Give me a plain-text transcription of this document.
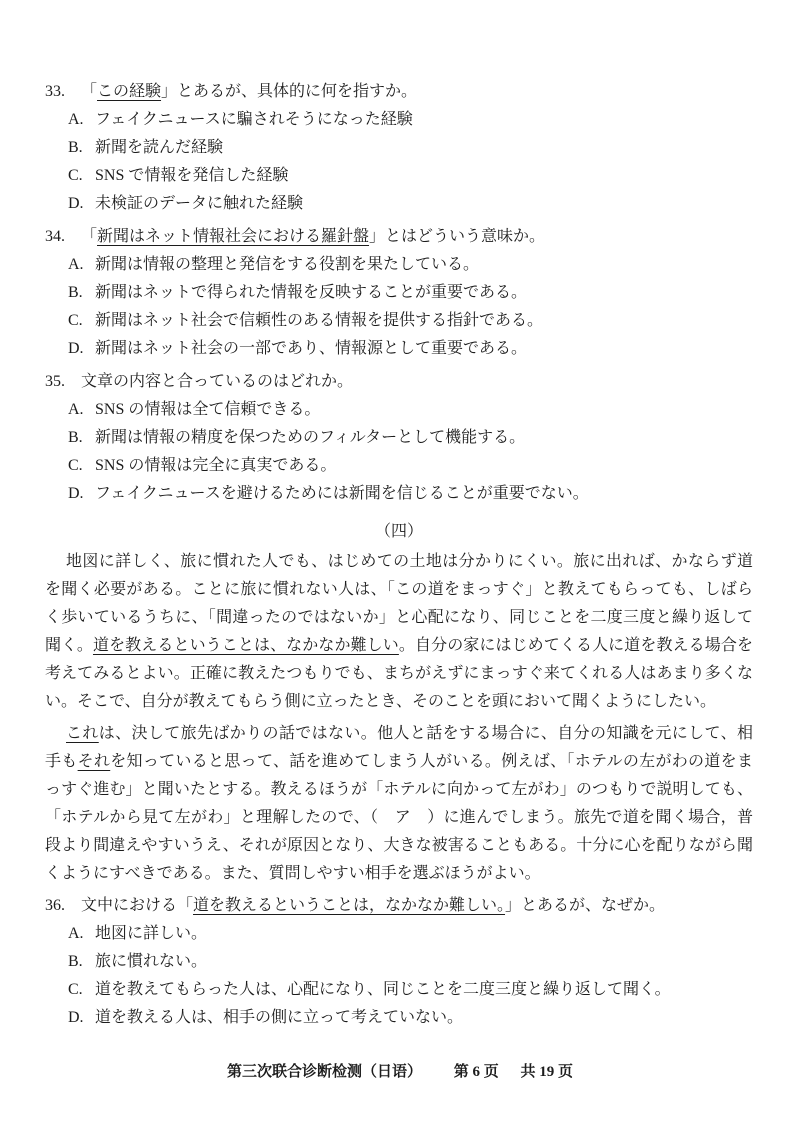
33.	「この経験」とあるが、具体的に何を指すか。
A. フェイクニュースに騙されそうになった経験
B. 新聞を読んだ経験
C. SNS で情報を発信した経験
D. 未検証のデータに触れた経験
34.	「新聞はネット情報社会における羅針盤」とはどういう意味か。
A. 新聞は情報の整理と発信をする役割を果たしている。
B. 新聞はネットで得られた情報を反映することが重要である。
C. 新聞はネット社会で信頼性のある情報を提供する指針である。
D. 新聞はネット社会の一部であり、情報源として重要である。
35.	文章の内容と合っているのはどれか。
A. SNS の情報は全て信頼できる。
B. 新聞は情報の精度を保つためのフィルターとして機能する。
C. SNS の情報は完全に真実である。
D. フェイクニュースを避けるためには新聞を信じることが重要でない。
（四）

地図に詳しく、旅に慣れた人でも、はじめての土地は分かりにくい。旅に出れば、かならず道を聞く必要がある。ことに旅に慣れない人は、「この道をまっすぐ」と教えてもらっても、しばらく歩いているうちに、「間違ったのではないか」と心配になり、同じことを二度三度と繰り返して聞く。道を教えるということは、なかなか難しい。自分の家にはじめてくる人に道を教える場合を考えてみるとよい。正確に教えたつもりでも、まちがえずにまっすぐ来てくれる人はあまり多くない。そこで、自分が教えてもらう側に立ったとき、そのことを頭において聞くようにしたい。

これは、決して旅先ばかりの話ではない。他人と話をする場合に、自分の知識を元にして、相手もそれを知っていると思って、話を進めてしまう人がいる。例えば、「ホテルの左がわの道をまっすぐ進む」と聞いたとする。教えるほうが「ホテルに向かって左がわ」のつもりで説明しても、「ホテルから見て左がわ」と理解したので、（　ア　）に進んでしまう。旅先で道を聞く場合，普段より間違えやすいうえ、それが原因となり、大きな被害ることもある。十分に心を配りながら聞くようにすべきである。また、質問しやすい相手を選ぶほうがよい。

36.	文中における「道を教えるということは，なかなか難しい。」とあるが、なぜか。
A. 地図に詳しい。
B. 旅に慣れない。
C. 道を教えてもらった人は、心配になり、同じことを二度三度と繰り返して聞く。
D. 道を教える人は、相手の側に立って考えていない。
第三次联合诊断检测（日语） 第 6 页 共 19 页
